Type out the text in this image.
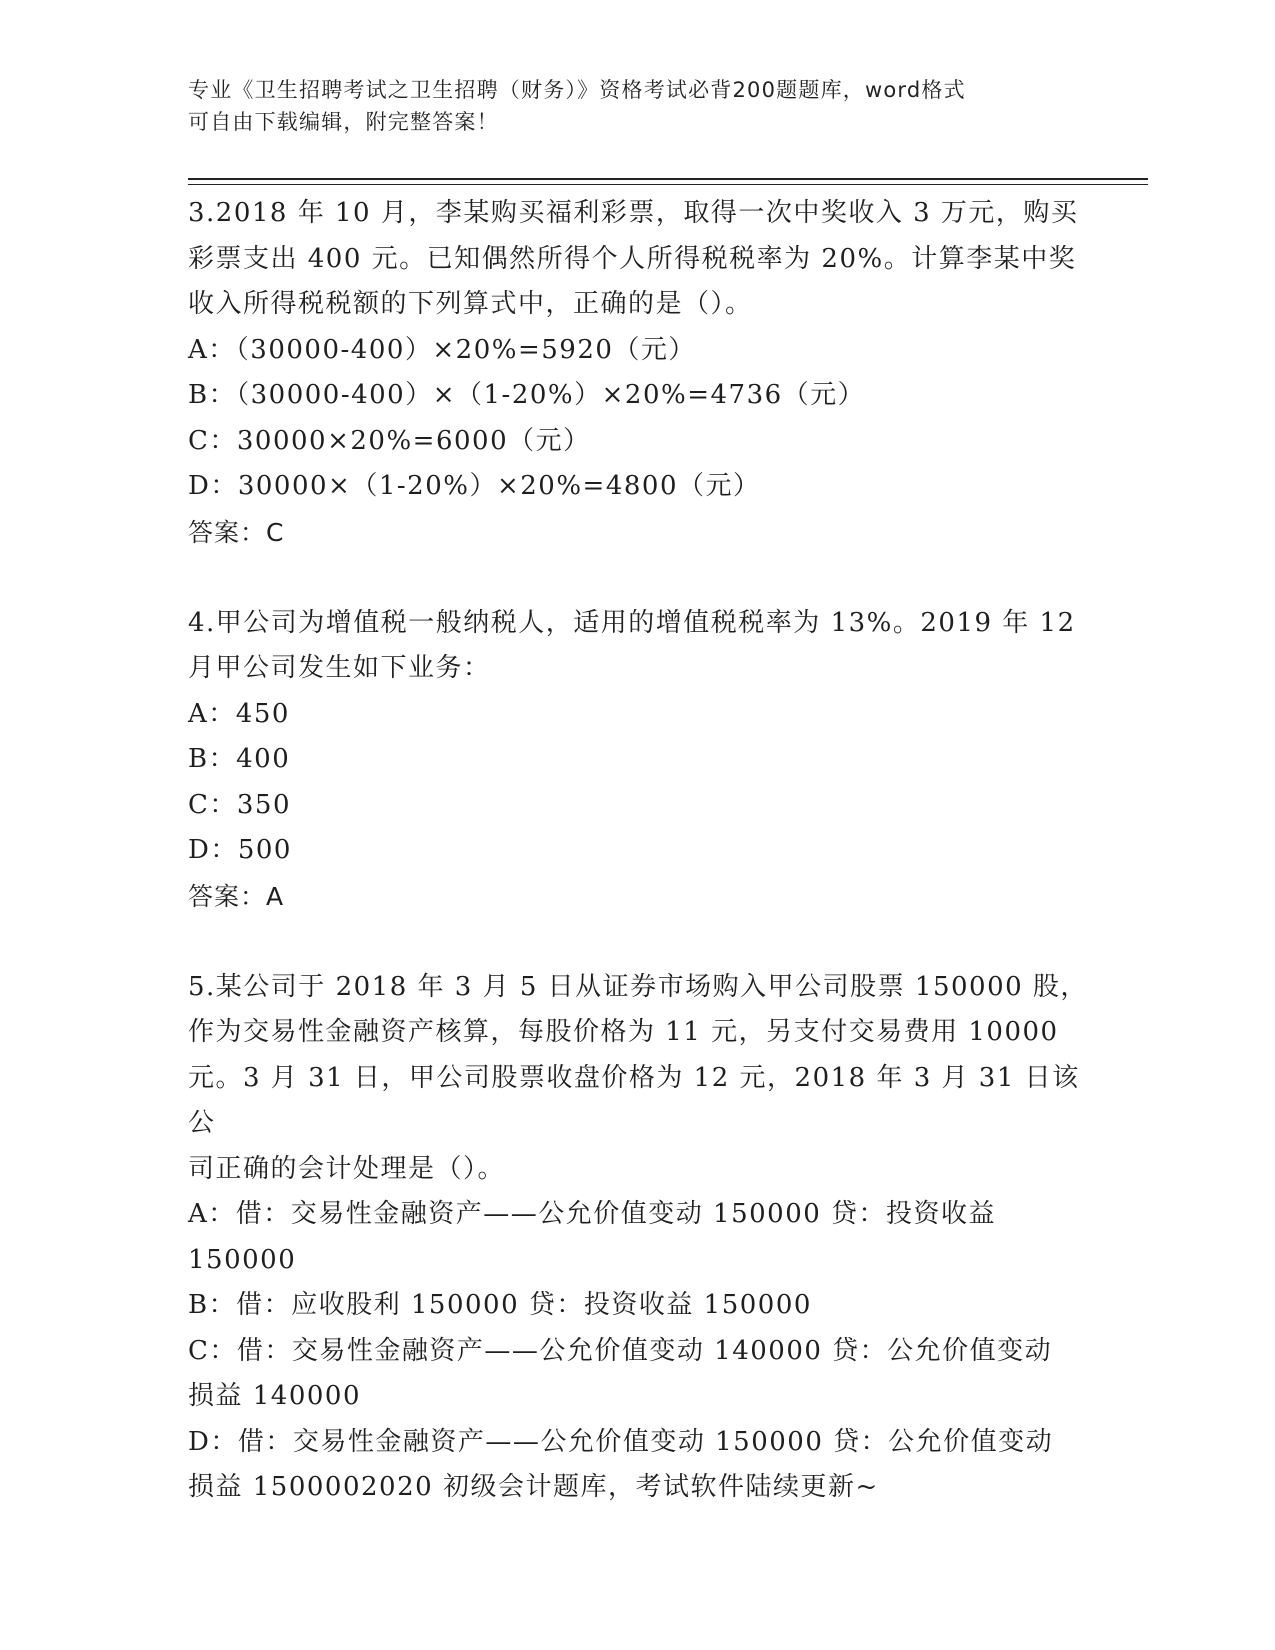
专业《卫生招聘考试之卫生招聘（财务）》资格考试必背200题题库，word格式
可自由下载编辑，附完整答案！

3.2018 年 10 月，李某购买福利彩票，取得一次中奖收入 3 万元，购买

彩票支出 400 元。已知偶然所得个人所得税税率为 20%。计算李某中奖

收入所得税税额的下列算式中，正确的是（）。

A：（30000-400）×20%=5920（元）

B：（30000-400）×（1-20%）×20%=4736（元）

C：30000×20%=6000（元）

D：30000×（1-20%）×20%=4800（元）

答案：C

4.甲公司为增值税一般纳税人，适用的增值税税率为 13%。2019 年 12

月甲公司发生如下业务：

A：450

B：400

C：350

D：500

答案：A

5.某公司于 2018 年 3 月 5 日从证券市场购入甲公司股票 150000 股，

作为交易性金融资产核算，每股价格为 11 元，另支付交易费用 10000

元。3 月 31 日，甲公司股票收盘价格为 12 元，2018 年 3 月 31 日该公

司正确的会计处理是（）。

A：借：交易性金融资产——公允价值变动 150000 贷：投资收益

150000

B：借：应收股利 150000 贷：投资收益 150000

C：借：交易性金融资产——公允价值变动 140000 贷：公允价值变动

损益 140000

D：借：交易性金融资产——公允价值变动 150000 贷：公允价值变动

损益 1500002020 初级会计题库，考试软件陆续更新~
